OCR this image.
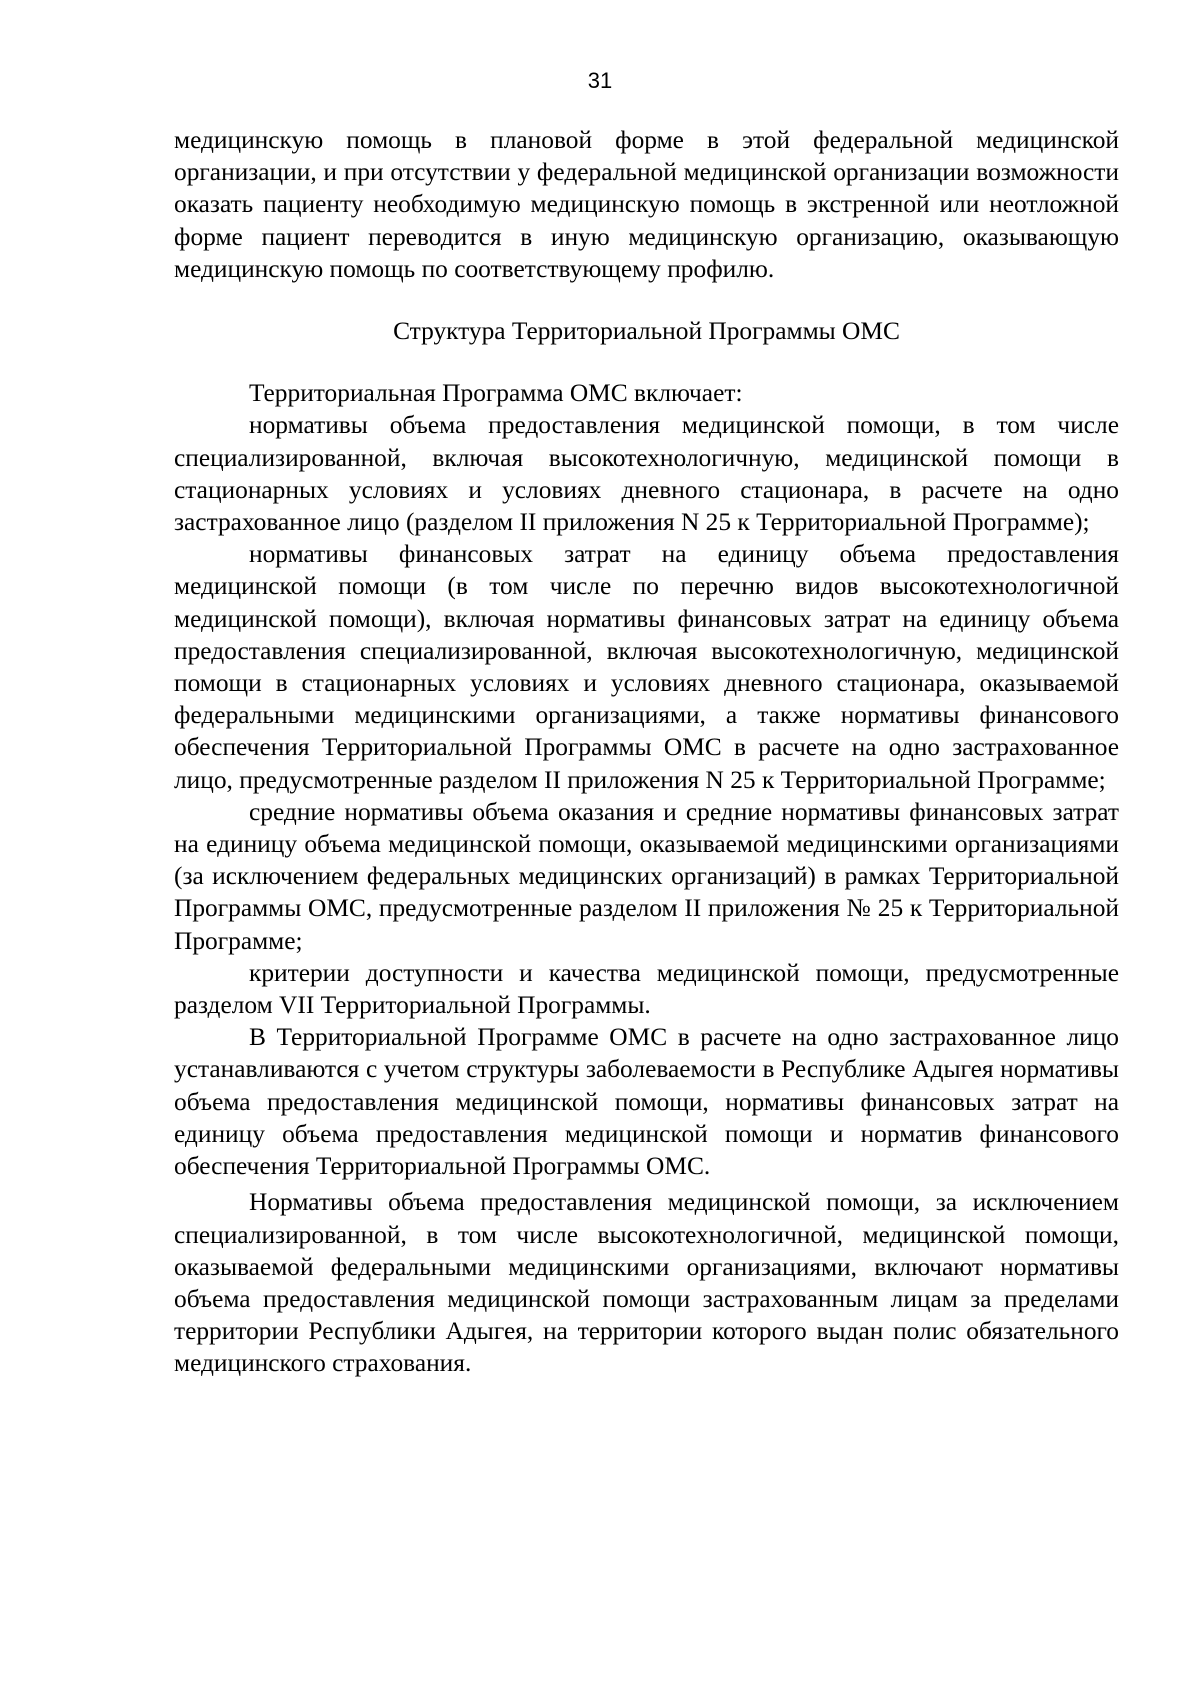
31

медицинскую помощь в плановой форме в этой федеральной медицинской организации, и при отсутствии у федеральной медицинской организации возможности оказать пациенту необходимую медицинскую помощь в экстренной или неотложной форме пациент переводится в иную медицинскую организацию, оказывающую медицинскую помощь по соответствующему профилю.

Структура Территориальной Программы ОМС

Территориальная Программа ОМС включает:

нормативы объема предоставления медицинской помощи, в том числе специализированной, включая высокотехнологичную, медицинской помощи в стационарных условиях и условиях дневного стационара, в расчете на одно застрахованное лицо (разделом II приложения N 25 к Территориальной Программе);

нормативы финансовых затрат на единицу объема предоставления медицинской помощи (в том числе по перечню видов высокотехнологичной медицинской помощи), включая нормативы финансовых затрат на единицу объема предоставления специализированной, включая высокотехнологичную, медицинской помощи в стационарных условиях и условиях дневного стационара, оказываемой федеральными медицинскими организациями, а также нормативы финансового обеспечения Территориальной Программы ОМС в расчете на одно застрахованное лицо, предусмотренные разделом II приложения N 25 к Территориальной Программе;

средние нормативы объема оказания и средние нормативы финансовых затрат на единицу объема медицинской помощи, оказываемой медицинскими организациями (за исключением федеральных медицинских организаций) в рамках Территориальной Программы ОМС, предусмотренные разделом II приложения № 25 к Территориальной Программе;

критерии доступности и качества медицинской помощи, предусмотренные разделом VII Территориальной Программы.

В Территориальной Программе ОМС в расчете на одно застрахованное лицо устанавливаются с учетом структуры заболеваемости в Республике Адыгея нормативы объема предоставления медицинской помощи, нормативы финансовых затрат на единицу объема предоставления медицинской помощи и норматив финансового обеспечения Территориальной Программы ОМС.

Нормативы объема предоставления медицинской помощи, за исключением специализированной, в том числе высокотехнологичной, медицинской помощи, оказываемой федеральными медицинскими организациями, включают нормативы объема предоставления медицинской помощи застрахованным лицам за пределами территории Республики Адыгея, на территории которого выдан полис обязательного медицинского страхования.
